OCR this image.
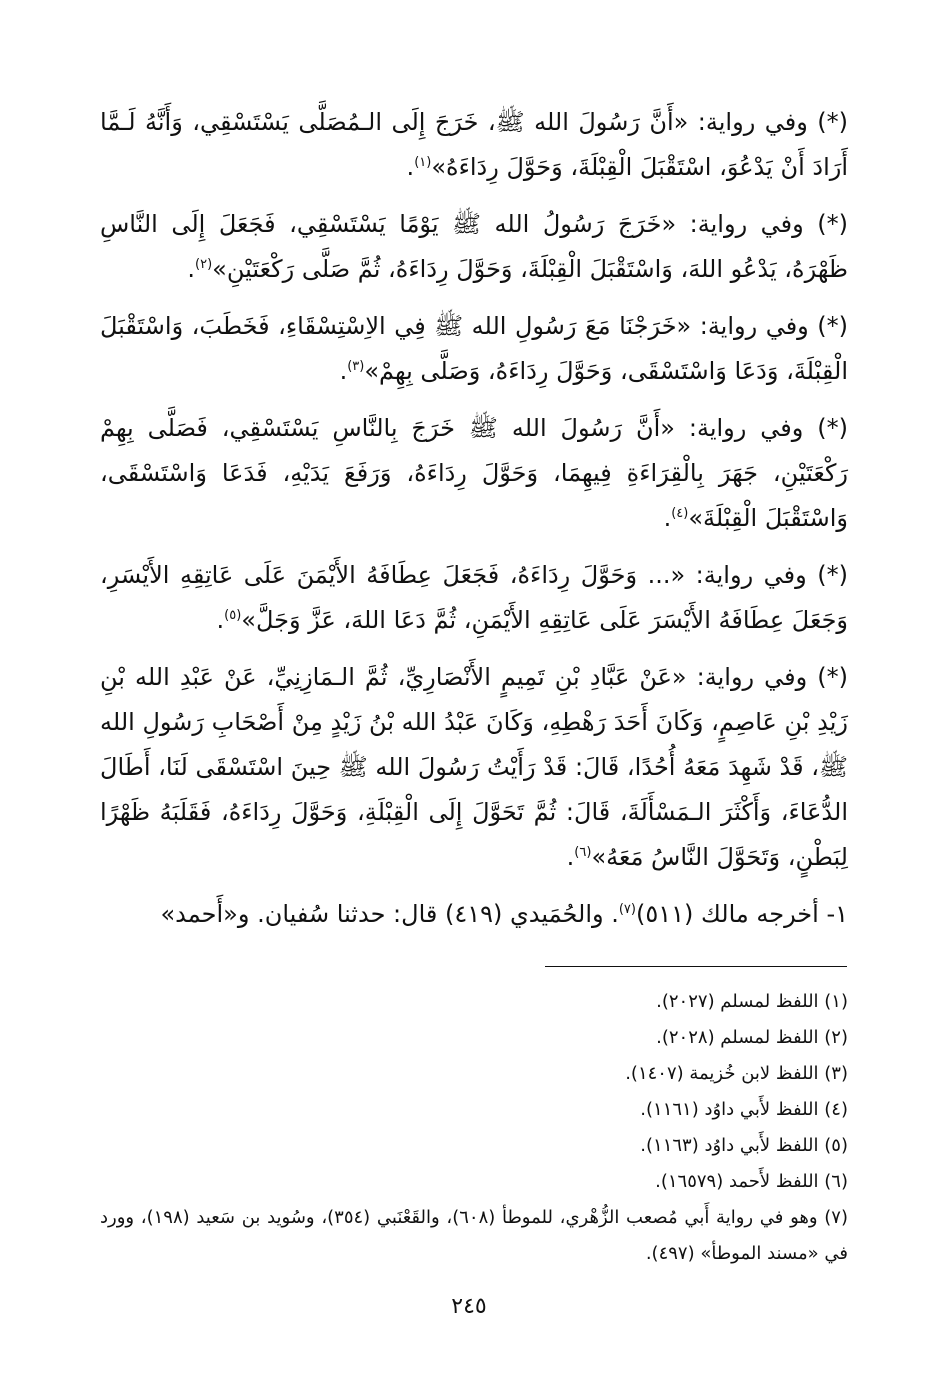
(*) وفي رواية: «أَنَّ رَسُولَ الله ﷺ، خَرَجَ إِلَى الـمُصَلَّى يَسْتَسْقِي، وَأَنَّهُ لَـمَّا أَرَادَ أَنْ يَدْعُوَ، اسْتَقْبَلَ الْقِبْلَةَ، وَحَوَّلَ رِدَاءَهُ»$^{(١)}$.

(*) وفي رواية: «خَرَجَ رَسُولُ الله ﷺ يَوْمًا يَسْتَسْقِي، فَجَعَلَ إِلَى النَّاسِ ظَهْرَهُ، يَدْعُو اللهَ، وَاسْتَقْبَلَ الْقِبْلَةَ، وَحَوَّلَ رِدَاءَهُ، ثُمَّ صَلَّى رَكْعَتَيْنِ»$^{(٢)}$.

(*) وفي رواية: «خَرَجْنَا مَعَ رَسُولِ الله ﷺ فِي الاِسْتِسْقَاءِ، فَخَطَبَ، وَاسْتَقْبَلَ الْقِبْلَةَ، وَدَعَا وَاسْتَسْقَى، وَحَوَّلَ رِدَاءَهُ، وَصَلَّى بِهِمْ»$^{(٣)}$.

(*) وفي رواية: «أَنَّ رَسُولَ الله ﷺ خَرَجَ بِالنَّاسِ يَسْتَسْقِي، فَصَلَّى بِهِمْ رَكْعَتَيْنِ، جَهَرَ بِالْقِرَاءَةِ فِيهِمَا، وَحَوَّلَ رِدَاءَهُ، وَرَفَعَ يَدَيْهِ، فَدَعَا وَاسْتَسْقَى، وَاسْتَقْبَلَ الْقِبْلَةَ»$^{(٤)}$.

(*) وفي رواية: «... وَحَوَّلَ رِدَاءَهُ، فَجَعَلَ عِطَافَهُ الأَيْمَنَ عَلَى عَاتِقِهِ الأَيْسَرِ، وَجَعَلَ عِطَافَهُ الأَيْسَرَ عَلَى عَاتِقِهِ الأَيْمَنِ، ثُمَّ دَعَا اللهَ، عَزَّ وَجَلَّ»$^{(٥)}$.

(*) وفي رواية: «عَنْ عَبَّادِ بْنِ تَمِيمٍ الأَنْصَارِيِّ، ثُمَّ الـمَازِنِيِّ، عَنْ عَبْدِ الله بْنِ زَيْدِ بْنِ عَاصِمٍ، وَكَانَ أَحَدَ رَهْطِهِ، وَكَانَ عَبْدُ الله بْنُ زَيْدٍ مِنْ أَصْحَابِ رَسُولِ الله ﷺ، قَدْ شَهِدَ مَعَهُ أُحُدًا، قَالَ: قَدْ رَأَيْتُ رَسُولَ الله ﷺ حِينَ اسْتَسْقَى لَنَا، أَطَالَ الدُّعَاءَ، وَأَكْثَرَ الـمَسْأَلَةَ، قَالَ: ثُمَّ تَحَوَّلَ إِلَى الْقِبْلَةِ، وَحَوَّلَ رِدَاءَهُ، فَقَلَبَهُ ظَهْرًا لِبَطْنٍ، وَتَحَوَّلَ النَّاسُ مَعَهُ»$^{(٦)}$.

١- أخرجه مالك (٥١١)$^{(٧)}$. والحُمَيدي (٤١٩) قال: حدثنا سُفيان. و«أَحمد»

(١) اللفظ لمسلم (٢٠٢٧).

(٢) اللفظ لمسلم (٢٠٢٨).

(٣) اللفظ لابن خُزيمة (١٤٠٧).

(٤) اللفظ لأَبي داوُد (١١٦١).

(٥) اللفظ لأَبي داوُد (١١٦٣).

(٦) اللفظ لأَحمد (١٦٥٧٩).

(٧) وهو في رواية أَبي مُصعب الزُّهْري، للموطأ (٦٠٨)، والقَعْنَبي (٣٥٤)، وسُويد بن سَعيد (١٩٨)، وورد في «مسند الموطأ» (٤٩٧).

٢٤٥
